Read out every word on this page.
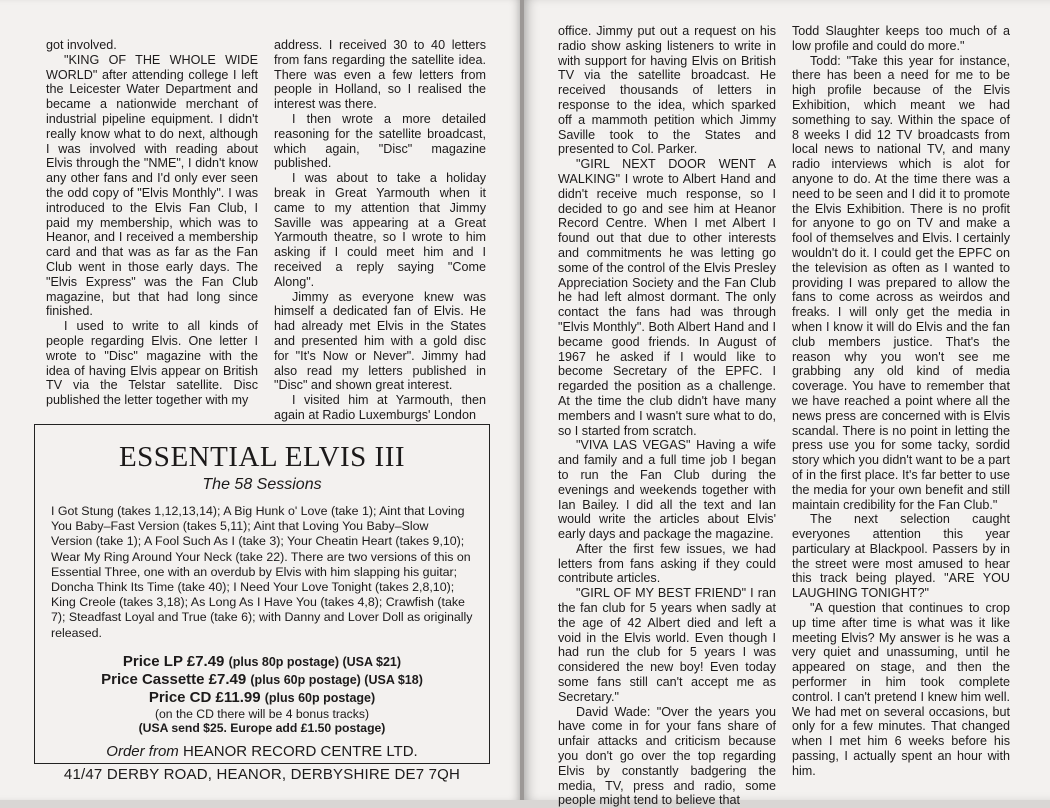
got involved.

"KING OF THE WHOLE WIDE WORLD" after attending college I left the Leicester Water Department and became a nationwide merchant of industrial pipeline equipment. I didn't really know what to do next, although I was involved with reading about Elvis through the "NME", I didn't know any other fans and I'd only ever seen the odd copy of "Elvis Monthly". I was introduced to the Elvis Fan Club, I paid my membership, which was to Heanor, and I received a membership card and that was as far as the Fan Club went in those early days. The "Elvis Express" was the Fan Club magazine, but that had long since finished.

I used to write to all kinds of people regarding Elvis. One letter I wrote to "Disc" magazine with the idea of having Elvis appear on British TV via the Telstar satellite. Disc published the letter together with my

address. I received 30 to 40 letters from fans regarding the satellite idea. There was even a few letters from people in Holland, so I realised the interest was there.

I then wrote a more detailed reasoning for the satellite broadcast, which again, "Disc" magazine published.

I was about to take a holiday break in Great Yarmouth when it came to my attention that Jimmy Saville was appearing at a Great Yarmouth theatre, so I wrote to him asking if I could meet him and I received a reply saying "Come Along".

Jimmy as everyone knew was himself a dedicated fan of Elvis. He had already met Elvis in the States and presented him with a gold disc for "It's Now or Never". Jimmy had also read my letters published in "Disc" and shown great interest.

I visited him at Yarmouth, then again at Radio Luxemburgs' London

ESSENTIAL ELVIS III
The 58 Sessions

I Got Stung (takes 1,12,13,14); A Big Hunk o' Love (take 1); Aint that Loving You Baby–Fast Version (takes 5,11); Aint that Loving You Baby–Slow Version (take 1); A Fool Such As I (take 3); Your Cheatin Heart (takes 9,10); Wear My Ring Around Your Neck (take 22). There are two versions of this on Essential Three, one with an overdub by Elvis with him slapping his guitar; Doncha Think Its Time (take 40); I Need Your Love Tonight (takes 2,8,10); King Creole (takes 3,18); As Long As I Have You (takes 4,8); Crawfish (take 7); Steadfast Loyal and True (take 6); with Danny and Lover Doll as originally released.

Price LP £7.49 (plus 80p postage) (USA $21)

Price Cassette £7.49 (plus 60p postage) (USA $18)

Price CD £11.99 (plus 60p postage)

(on the CD there will be 4 bonus tracks)

(USA send $25. Europe add £1.50 postage)

Order from HEANOR RECORD CENTRE LTD.
41/47 DERBY ROAD, HEANOR, DERBYSHIRE DE7 7QH

office. Jimmy put out a request on his radio show asking listeners to write in with support for having Elvis on British TV via the satellite broadcast. He received thousands of letters in response to the idea, which sparked off a mammoth petition which Jimmy Saville took to the States and presented to Col. Parker.

"GIRL NEXT DOOR WENT A WALKING" I wrote to Albert Hand and didn't receive much response, so I decided to go and see him at Heanor Record Centre. When I met Albert I found out that due to other interests and commitments he was letting go some of the control of the Elvis Presley Appreciation Society and the Fan Club he had left almost dormant. The only contact the fans had was through "Elvis Monthly". Both Albert Hand and I became good friends. In August of 1967 he asked if I would like to become Secretary of the EPFC. I regarded the position as a challenge. At the time the club didn't have many members and I wasn't sure what to do, so I started from scratch.

"VIVA LAS VEGAS" Having a wife and family and a full time job I began to run the Fan Club during the evenings and weekends together with Ian Bailey. I did all the text and Ian would write the articles about Elvis' early days and package the magazine.

After the first few issues, we had letters from fans asking if they could contribute articles.

"GIRL OF MY BEST FRIEND" I ran the fan club for 5 years when sadly at the age of 42 Albert died and left a void in the Elvis world. Even though I had run the club for 5 years I was considered the new boy! Even today some fans still can't accept me as Secretary."

David Wade: "Over the years you have come in for your fans share of unfair attacks and criticism because you don't go over the top regarding Elvis by constantly badgering the media, TV, press and radio, some people might tend to believe that

Todd Slaughter keeps too much of a low profile and could do more."

Todd: "Take this year for instance, there has been a need for me to be high profile because of the Elvis Exhibition, which meant we had something to say. Within the space of 8 weeks I did 12 TV broadcasts from local news to national TV, and many radio interviews which is alot for anyone to do. At the time there was a need to be seen and I did it to promote the Elvis Exhibition. There is no profit for anyone to go on TV and make a fool of themselves and Elvis. I certainly wouldn't do it. I could get the EPFC on the television as often as I wanted to providing I was prepared to allow the fans to come across as weirdos and freaks. I will only get the media in when I know it will do Elvis and the fan club members justice. That's the reason why you won't see me grabbing any old kind of media coverage. You have to remember that we have reached a point where all the news press are concerned with is Elvis scandal. There is no point in letting the press use you for some tacky, sordid story which you didn't want to be a part of in the first place. It's far better to use the media for your own benefit and still maintain credibility for the Fan Club."

The next selection caught everyones attention this year particulary at Blackpool. Passers by in the street were most amused to hear this track being played. "ARE YOU LAUGHING TONIGHT?"

"A question that continues to crop up time after time is what was it like meeting Elvis? My answer is he was a very quiet and unassuming, until he appeared on stage, and then the performer in him took complete control. I can't pretend I knew him well. We had met on several occasions, but only for a few minutes. That changed when I met him 6 weeks before his passing, I actually spent an hour with him.
